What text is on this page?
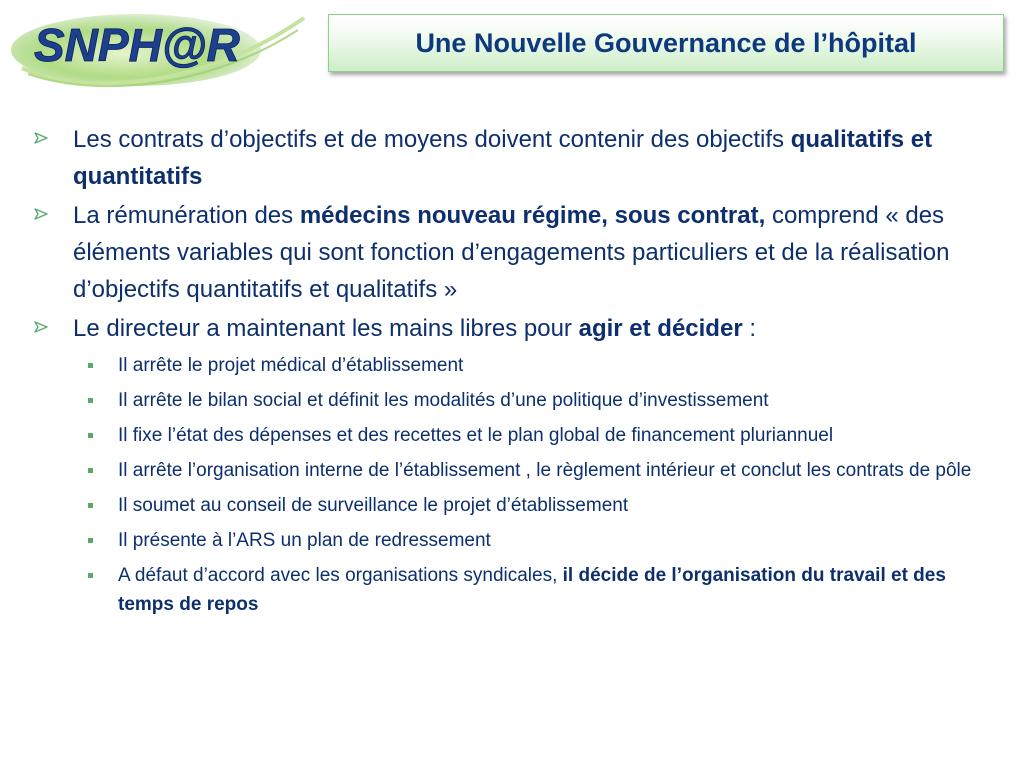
SNPH@R	Une Nouvelle Gouvernance de l’hôpital
Les contrats d’objectifs et de moyens doivent contenir des objectifs qualitatifs et quantitatifs
La rémunération des médecins nouveau régime, sous contrat, comprend « des éléments variables qui sont fonction d’engagements particuliers et de la réalisation d’objectifs quantitatifs et qualitatifs »
Le directeur a maintenant les mains libres pour agir et décider :
Il arrête le projet médical d’établissement
Il arrête le bilan social et définit les modalités d’une politique d’investissement
Il fixe l’état des dépenses et des recettes et le plan global de financement pluriannuel
Il arrête l’organisation interne de l’établissement , le règlement intérieur et conclut les contrats de pôle
Il soumet au conseil de surveillance le projet d’établissement
Il présente à l’ARS un plan de redressement
A défaut d’accord avec les organisations syndicales, il décide de l’organisation du travail et des temps de repos
